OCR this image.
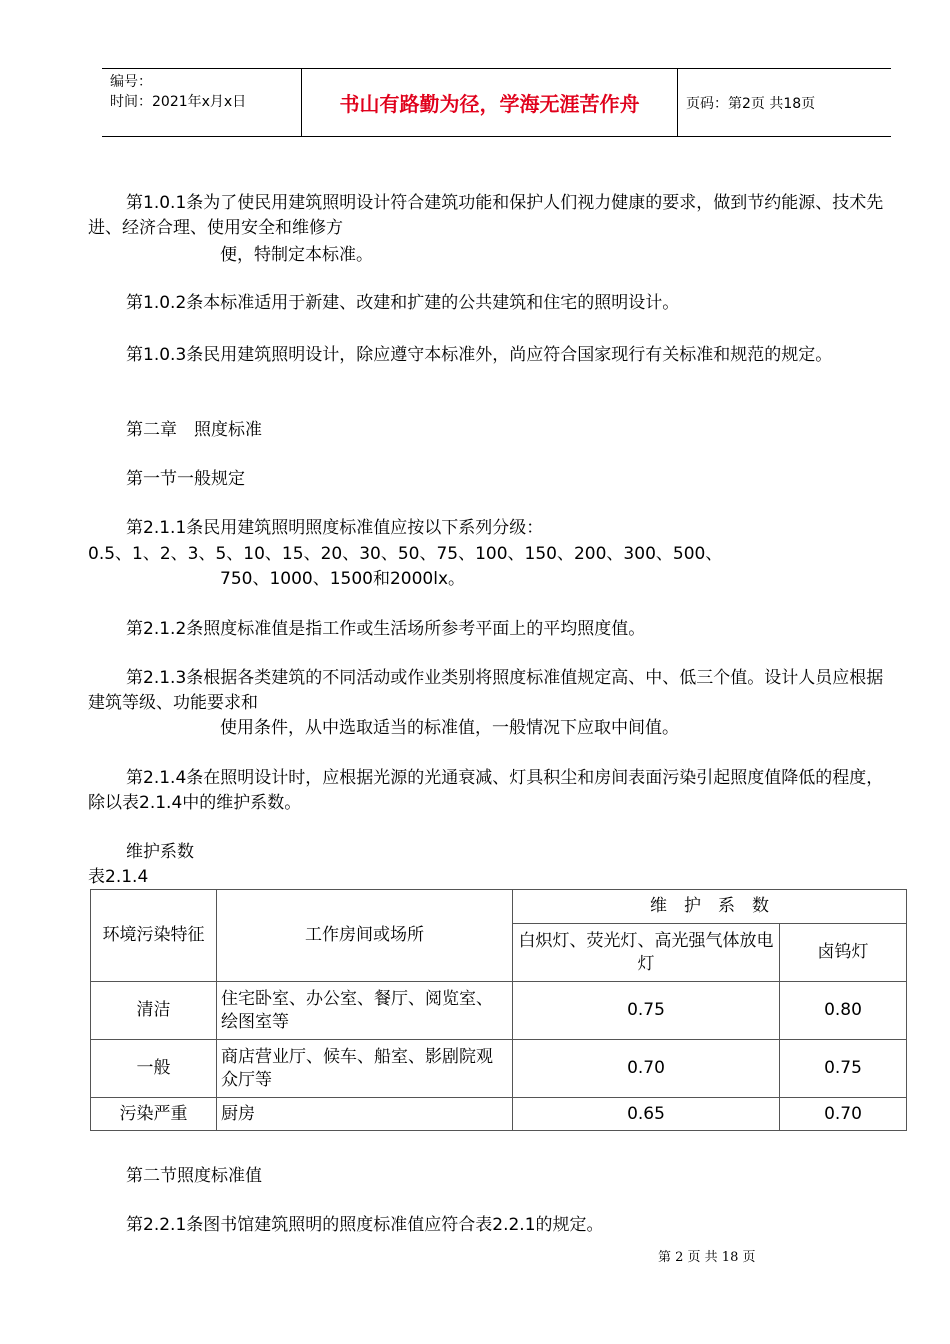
编号：
时间：2021年x月x日	书山有路勤为径，学海无涯苦作舟	页码：第2页 共18页
第1.0.1条为了使民用建筑照明设计符合建筑功能和保护人们视力健康的要求，做到节约能源、技术先进、经济合理、使用安全和维修方
便，特制定本标准。
第1.0.2条本标准适用于新建、改建和扩建的公共建筑和住宅的照明设计。
第1.0.3条民用建筑照明设计，除应遵守本标准外，尚应符合国家现行有关标准和规范的规定。
第二章　照度标准
第一节一般规定
第2.1.1条民用建筑照明照度标准值应按以下系列分级：
0.5、1、2、3、5、10、15、20、30、50、75、100、150、200、300、500、
750、1000、1500和2000lx。
第2.1.2条照度标准值是指工作或生活场所参考平面上的平均照度值。
第2.1.3条根据各类建筑的不同活动或作业类别将照度标准值规定高、中、低三个值。设计人员应根据建筑等级、功能要求和
使用条件，从中选取适当的标准值，一般情况下应取中间值。
第2.1.4条在照明设计时，应根据光源的光通衰减、灯具积尘和房间表面污染引起照度值降低的程度，除以表2.1.4中的维护系数。
维护系数
表2.1.4
环境污染特征	工作房间或场所	维　护　系　数	
		白炽灯、荧光灯、高光强气体放电灯	卤钨灯
清洁	住宅卧室、办公室、餐厅、阅览室、绘图室等	0.75	0.80
一般	商店营业厅、候车、船室、影剧院观众厅等	0.70	0.75
污染严重	厨房	0.65	0.70
第二节照度标准值
第2.2.1条图书馆建筑照明的照度标准值应符合表2.2.1的规定。
第 2 页 共 18 页
